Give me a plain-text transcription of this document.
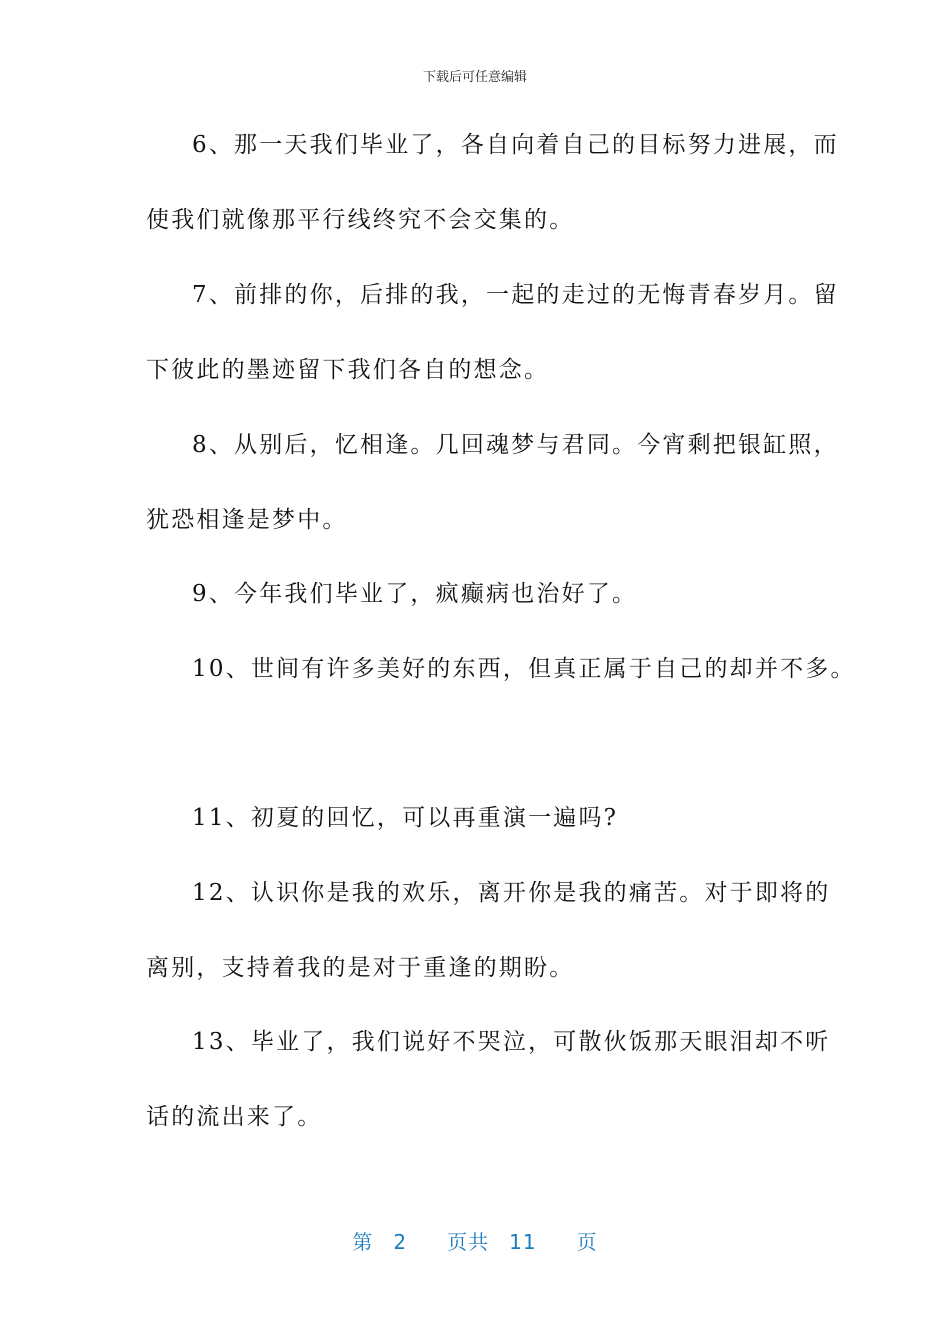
下载后可任意编辑
6、那一天我们毕业了，各自向着自己的目标努力进展，而
使我们就像那平行线终究不会交集的。
7、前排的你，后排的我，一起的走过的无悔青春岁月。留
下彼此的墨迹留下我们各自的想念。
8、从别后，忆相逢。几回魂梦与君同。今宵剩把银缸照，
犹恐相逢是梦中。
9、今年我们毕业了，疯癫病也治好了。
10、世间有许多美好的东西，但真正属于自己的却并不多。
11、初夏的回忆，可以再重演一遍吗?
12、认识你是我的欢乐，离开你是我的痛苦。对于即将的
离别，支持着我的是对于重逢的期盼。
13、毕业了，我们说好不哭泣，可散伙饭那天眼泪却不听
话的流出来了。
第 2 页共 11 页
